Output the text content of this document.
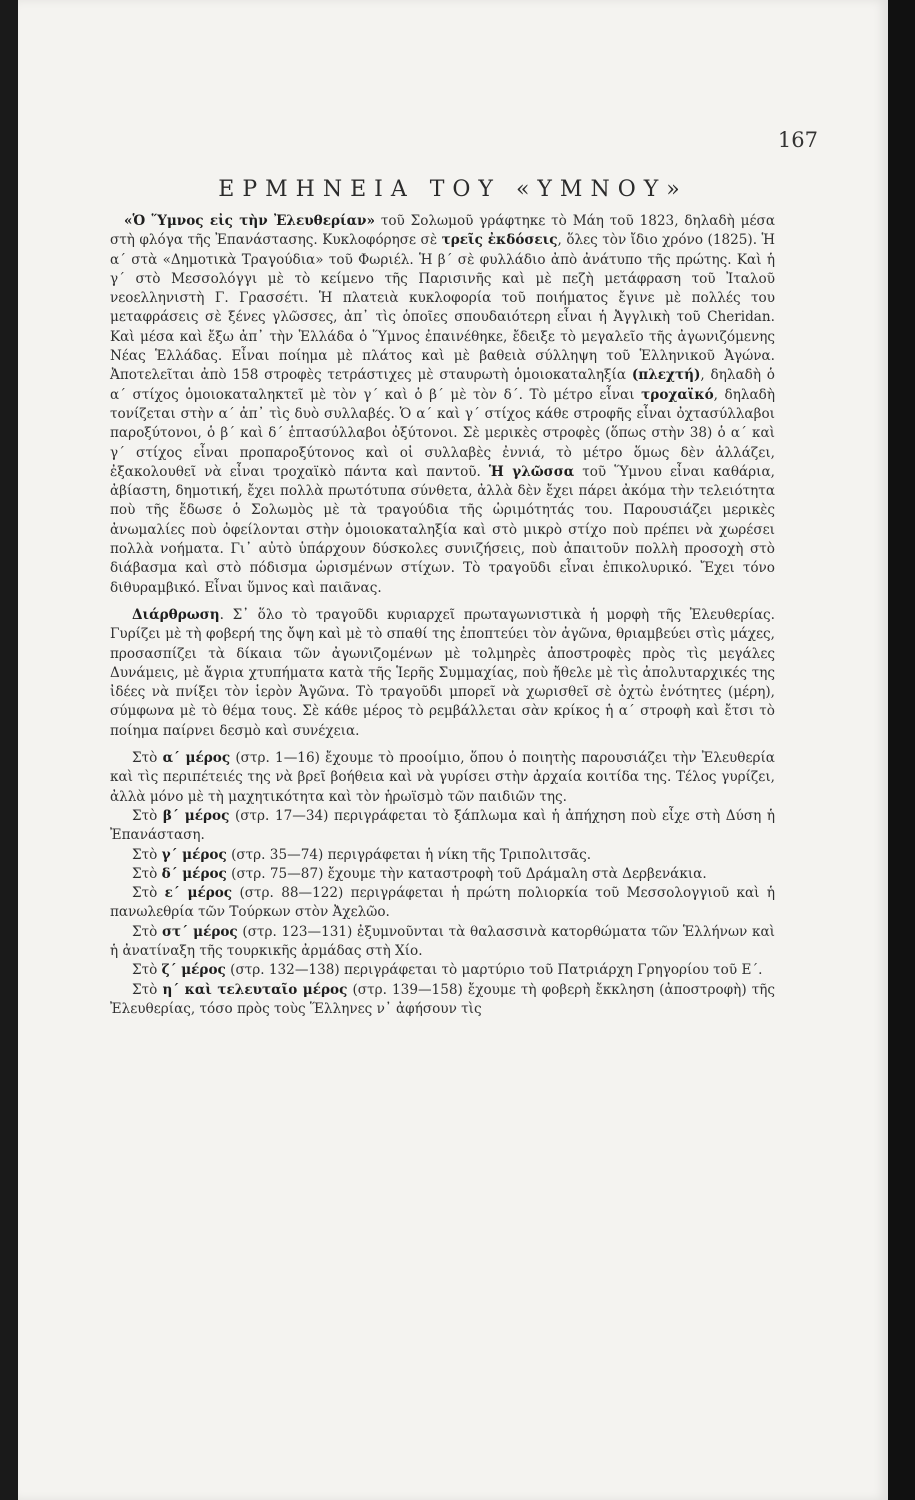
167
ΕΡΜΗΝΕΙΑ ΤΟΥ «ΥΜΝΟΥ»

«Ὁ Ὕμνος εἰς τὴν Ἐλευθερίαν» τοῦ Σολωμοῦ γράφτηκε τὸ Μάη τοῦ 1823, δηλαδὴ μέσα στὴ φλόγα τῆς Ἐπανάστασης. Κυκλοφόρησε σὲ τρεῖς ἐκδόσεις, ὅλες τὸν ἴδιο χρόνο (1825). Ἡ α΄ στὰ «Δημοτικὰ Τραγούδια» τοῦ Φωριέλ. Ἡ β΄ σὲ φυλλάδιο ἀπὸ ἀνάτυπο τῆς πρώτης. Καὶ ἡ γ΄ στὸ Μεσσολόγγι μὲ τὸ κείμενο τῆς Παρισινῆς καὶ μὲ πεζὴ μετάφραση τοῦ Ἰταλοῦ νεοελληνιστὴ Γ. Γρασσέτι. Ἡ πλατειὰ κυκλοφορία τοῦ ποιήματος ἔγινε μὲ πολλές του μεταφράσεις σὲ ξένες γλῶσσες, ἀπ᾿ τὶς ὁποῖες σπουδαιότερη εἶναι ἡ Ἀγγλικὴ τοῦ Cheridan. Καὶ μέσα καὶ ἔξω ἀπ᾿ τὴν Ἑλλάδα ὁ Ὕμνος ἐπαινέθηκε, ἔδειξε τὸ μεγαλεῖο τῆς ἀγωνιζόμενης Νέας Ἑλλάδας. Εἶναι ποίημα μὲ πλάτος καὶ μὲ βαθειὰ σύλληψη τοῦ Ἑλληνικοῦ Ἀγώνα. Ἀποτελεῖται ἀπὸ 158 στροφὲς τετράστιχες μὲ σταυρωτὴ ὁμοιοκαταληξία (πλεχτή), δηλαδὴ ὁ α΄ στίχος ὁμοιοκαταληκτεῖ μὲ τὸν γ΄ καὶ ὁ β΄ μὲ τὸν δ΄. Τὸ μέτρο εἶναι τροχαϊκό, δηλαδὴ τονίζεται στὴν α΄ ἀπ᾿ τὶς δυὸ συλλαβές. Ὁ α΄ καὶ γ΄ στίχος κάθε στροφῆς εἶναι ὀχτασύλλαβοι παροξύτονοι, ὁ β΄ καὶ δ΄ ἑπτασύλλαβοι ὀξύτονοι. Σὲ μερικὲς στροφὲς (ὅπως στὴν 38) ὁ α΄ καὶ γ΄ στίχος εἶναι προπαροξύτονος καὶ οἱ συλλαβὲς ἐννιά, τὸ μέτρο ὅμως δὲν ἀλλάζει, ἐξακολουθεῖ νὰ εἶναι τροχαϊκὸ πάντα καὶ παντοῦ. Ἡ γλῶσσα τοῦ Ὕμνου εἶναι καθάρια, ἀβίαστη, δημοτική, ἔχει πολλὰ πρωτότυπα σύνθετα, ἀλλὰ δὲν ἔχει πάρει ἀκόμα τὴν τελειότητα ποὺ τῆς ἔδωσε ὁ Σολωμὸς μὲ τὰ τραγούδια τῆς ὡριμότητάς του. Παρουσιάζει μερικὲς ἀνωμαλίες ποὺ ὀφείλονται στὴν ὁμοιοκαταληξία καὶ στὸ μικρὸ στίχο ποὺ πρέπει νὰ χωρέσει πολλὰ νοήματα. Γι᾿ αὐτὸ ὑπάρχουν δύσκολες συνιζήσεις, ποὺ ἀπαιτοῦν πολλὴ προσοχὴ στὸ διάβασμα καὶ στὸ πόδισμα ὡρισμένων στίχων. Τὸ τραγοῦδι εἶναι ἐπικολυρικό. Ἔχει τόνο διθυραμβικό. Εἶναι ὕμνος καὶ παιᾶνας.

Διάρθρωση. Σ᾿ ὅλο τὸ τραγοῦδι κυριαρχεῖ πρωταγωνιστικὰ ἡ μορφὴ τῆς Ἐλευθερίας. Γυρίζει μὲ τὴ φοβερή της ὄψη καὶ μὲ τὸ σπαθί της ἐποπτεύει τὸν ἀγῶνα, θριαμβεύει στὶς μάχες, προσασπίζει τὰ δίκαια τῶν ἀγωνιζομένων μὲ τολμηρὲς ἀποστροφὲς πρὸς τὶς μεγάλες Δυνάμεις, μὲ ἄγρια χτυπήματα κατὰ τῆς Ἱερῆς Συμμαχίας, ποὺ ἤθελε μὲ τὶς ἀπολυταρχικές της ἰδέες νὰ πνίξει τὸν ἱερὸν Ἀγῶνα. Τὸ τραγοῦδι μπορεῖ νὰ χωρισθεῖ σὲ ὀχτὼ ἑνότητες (μέρη), σύμφωνα μὲ τὸ θέμα τους. Σὲ κάθε μέρος τὸ ρεμβάλλεται σὰν κρίκος ἡ α΄ στροφὴ καὶ ἔτσι τὸ ποίημα παίρνει δεσμὸ καὶ συνέχεια.

Στὸ α΄ μέρος (στρ. 1—16) ἔχουμε τὸ προοίμιο, ὅπου ὁ ποιητὴς παρουσιάζει τὴν Ἐλευθερία καὶ τὶς περιπέτειές της νὰ βρεῖ βοήθεια καὶ νὰ γυρίσει στὴν ἀρχαία κοιτίδα της. Τέλος γυρίζει, ἀλλὰ μόνο μὲ τὴ μαχητικότητα καὶ τὸν ἡρωϊσμὸ τῶν παιδιῶν της.

Στὸ β΄ μέρος (στρ. 17—34) περιγράφεται τὸ ξάπλωμα καὶ ἡ ἀπήχηση ποὺ εἶχε στὴ Δύση ἡ Ἐπανάσταση.

Στὸ γ΄ μέρος (στρ. 35—74) περιγράφεται ἡ νίκη τῆς Τριπολιτσᾶς.

Στὸ δ΄ μέρος (στρ. 75—87) ἔχουμε τὴν καταστροφὴ τοῦ Δράμαλη στὰ Δερβενάκια.

Στὸ ε΄ μέρος (στρ. 88—122) περιγράφεται ἡ πρώτη πολιορκία τοῦ Μεσσολογγιοῦ καὶ ἡ πανωλεθρία τῶν Τούρκων στὸν Ἀχελῶο.

Στὸ στ΄ μέρος (στρ. 123—131) ἐξυμνοῦνται τὰ θαλασσινὰ κατορθώματα τῶν Ἑλλήνων καὶ ἡ ἀνατίναξη τῆς τουρκικῆς ἀρμάδας στὴ Χίο.

Στὸ ζ΄ μέρος (στρ. 132—138) περιγράφεται τὸ μαρτύριο τοῦ Πατριάρχη Γρηγορίου τοῦ Ε΄.

Στὸ η΄ καὶ τελευταῖο μέρος (στρ. 139—158) ἔχουμε τὴ φοβερὴ ἔκκληση (ἀποστροφὴ) τῆς Ἐλευθερίας, τόσο πρὸς τοὺς Ἕλληνες ν᾿ ἀφήσουν τὶς
